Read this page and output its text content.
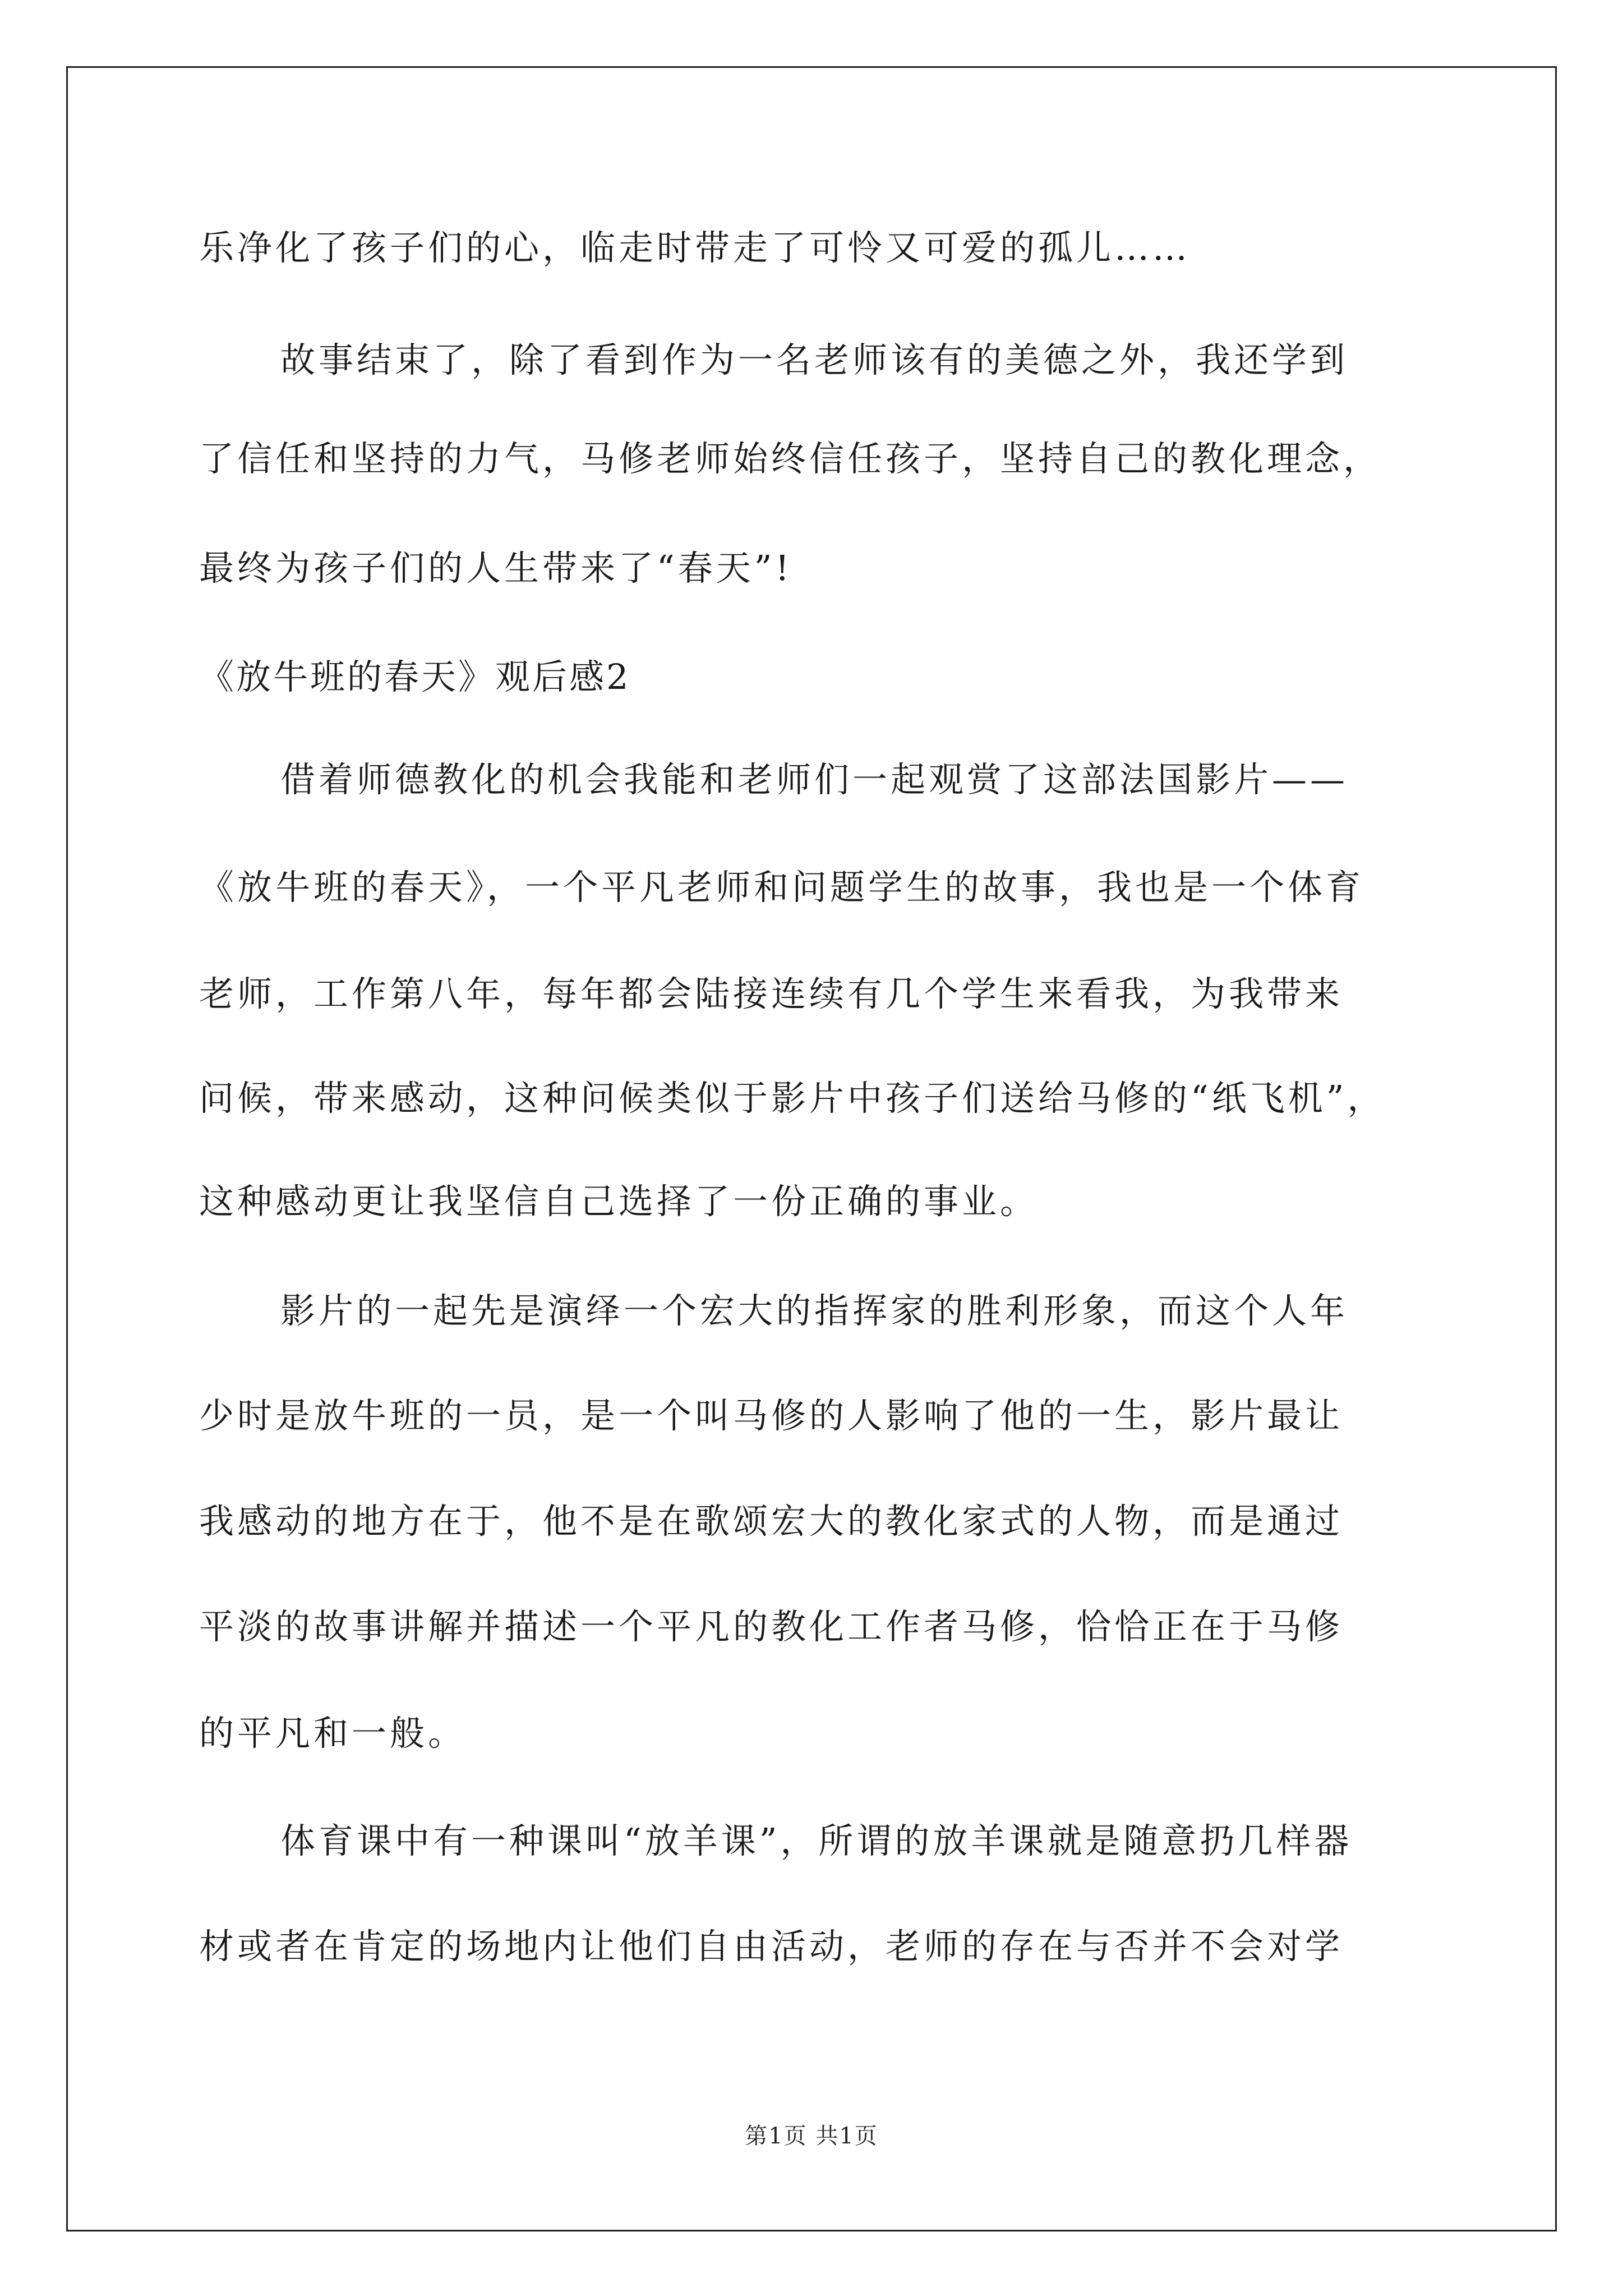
乐净化了孩子们的心，临走时带走了可怜又可爱的孤儿……
故事结束了，除了看到作为一名老师该有的美德之外，我还学到
了信任和坚持的力气，马修老师始终信任孩子，坚持自己的教化理念，
最终为孩子们的人生带来了“春天”!
《放牛班的春天》观后感2
借着师德教化的机会我能和老师们一起观赏了这部法国影片——
《放牛班的春天》，一个平凡老师和问题学生的故事，我也是一个体育
老师，工作第八年，每年都会陆接连续有几个学生来看我，为我带来
问候，带来感动，这种问候类似于影片中孩子们送给马修的“纸飞机”，
这种感动更让我坚信自己选择了一份正确的事业。
影片的一起先是演绎一个宏大的指挥家的胜利形象，而这个人年
少时是放牛班的一员，是一个叫马修的人影响了他的一生，影片最让
我感动的地方在于，他不是在歌颂宏大的教化家式的人物，而是通过
平淡的故事讲解并描述一个平凡的教化工作者马修，恰恰正在于马修
的平凡和一般。
体育课中有一种课叫“放羊课”，所谓的放羊课就是随意扔几样器
材或者在肯定的场地内让他们自由活动，老师的存在与否并不会对学
第1页 共1页
